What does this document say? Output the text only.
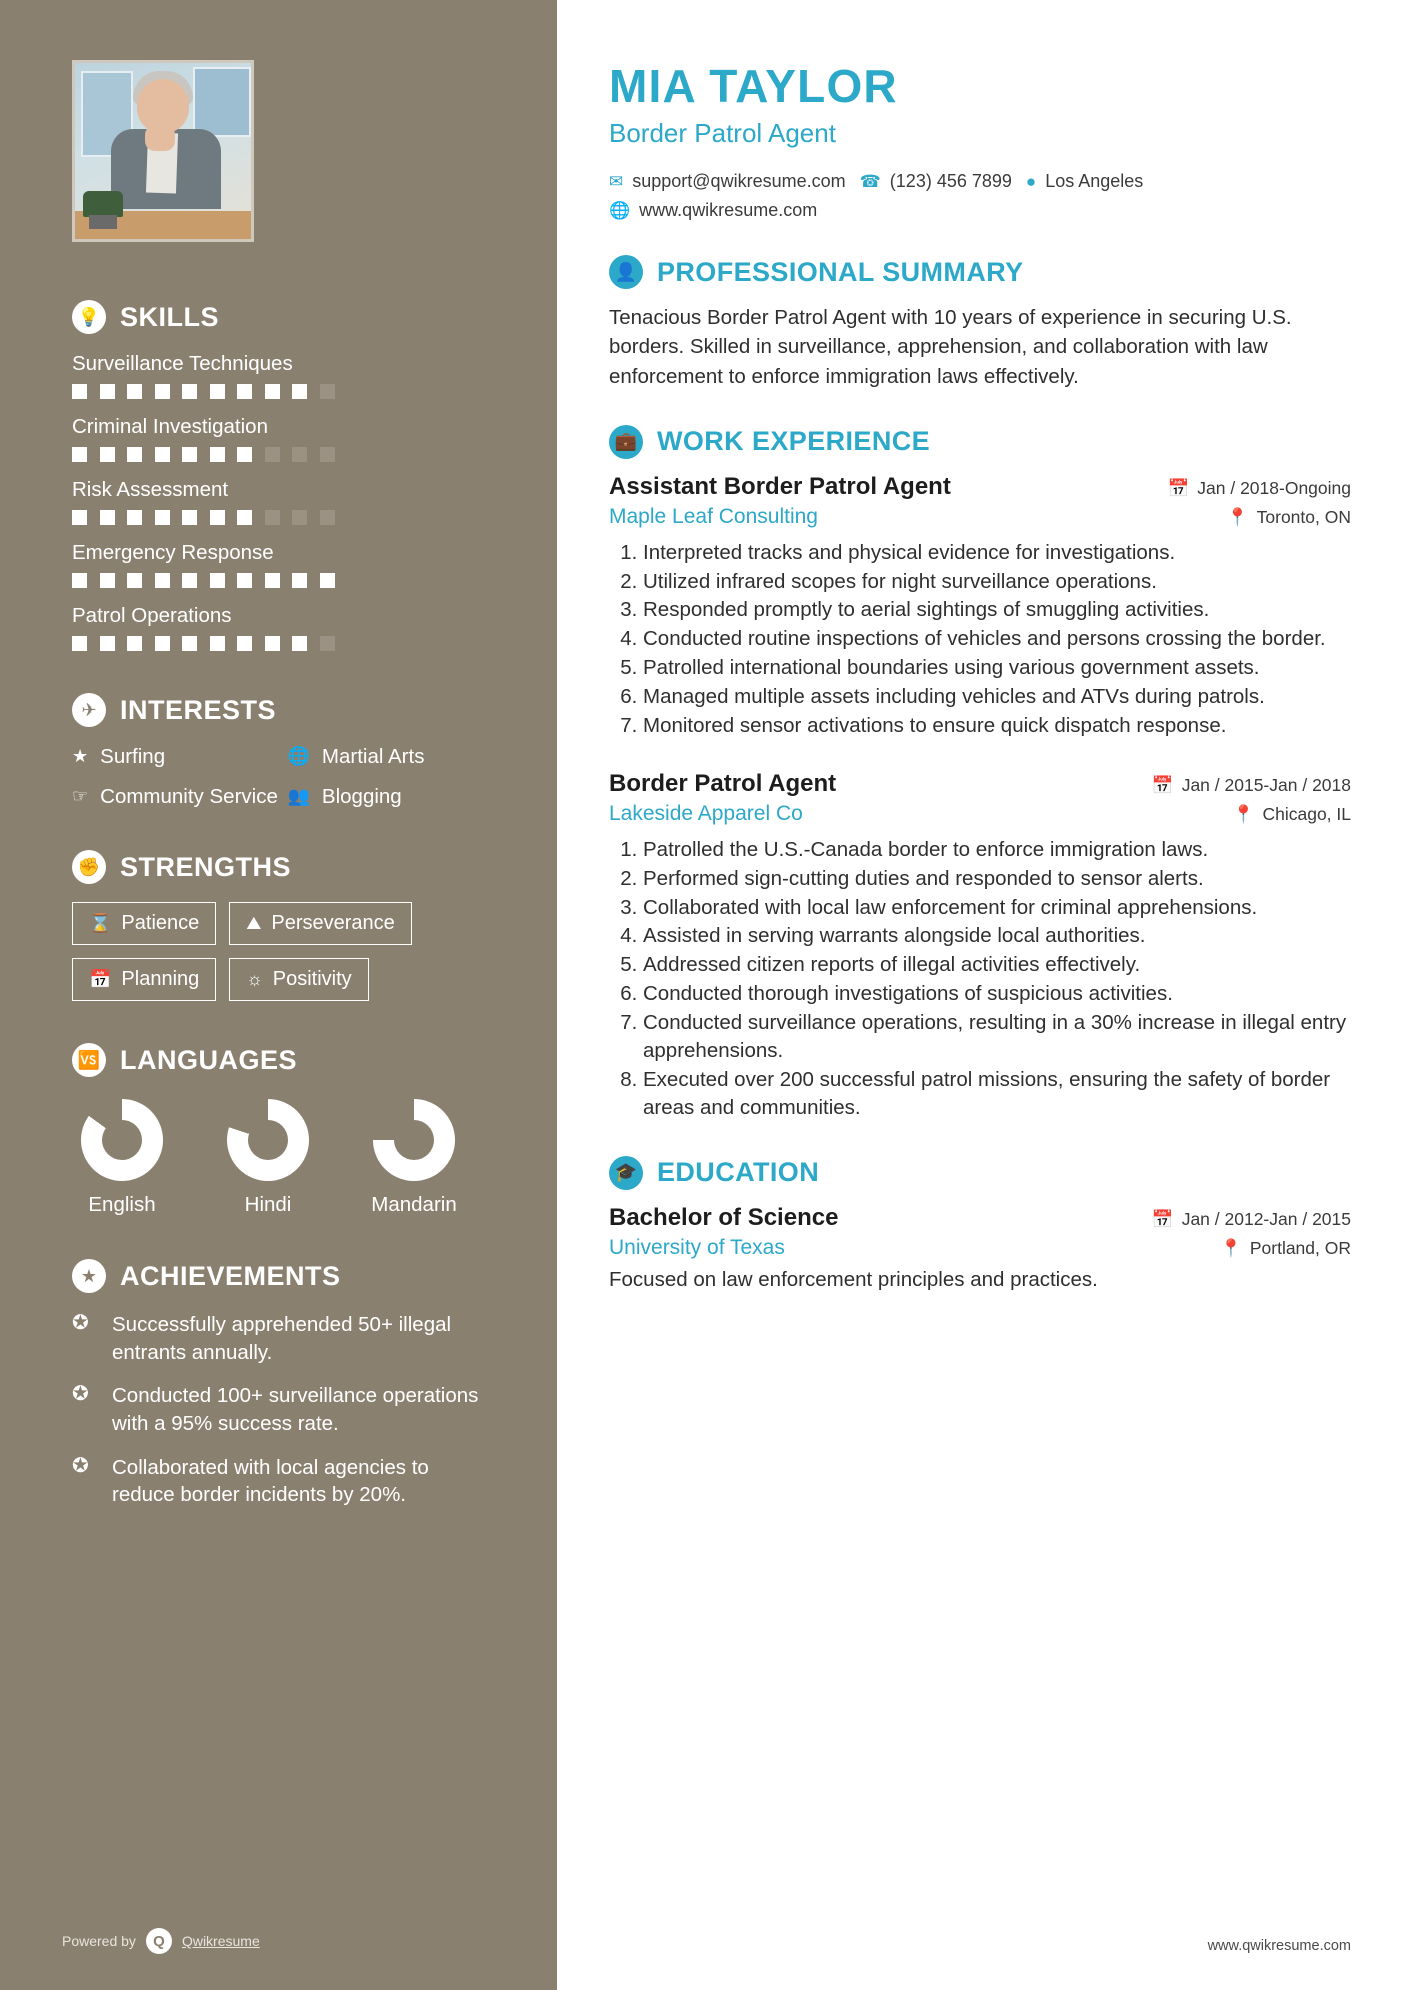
💡 SKILLS
Surveillance Techniques
Criminal Investigation
Risk Assessment
Emergency Response
Patrol Operations
✈ INTERESTS
★ Surfing	🌐 Martial Arts
☞ Community Service 👥 Blogging
✊ STRENGTHS
⌛ Patience	⛰ Perseverance
📅 Planning	☼ Positivity
🆚 LANGUAGES
English	Hindi	Mandarin
★ ACHIEVEMENTS
✪	Successfully apprehended 50+ illegal entrants annually.
✪	Conducted 100+ surveillance operations with a 95% success rate.
✪	Collaborated with local agencies to reduce border incidents by 20%.
Powered by	Q	Qwikresume
MIA TAYLOR
Border Patrol Agent
✉ support@qwikresume.com ☎ (123) 456 7899 ● Los Angeles
🌐 www.qwikresume.com
👤 PROFESSIONAL SUMMARY

Tenacious Border Patrol Agent with 10 years of experience in securing U.S. borders. Skilled in surveillance, apprehension, and collaboration with law enforcement to enforce immigration laws effectively.

💼 WORK EXPERIENCE
Assistant Border Patrol Agent	📅 Jan / 2018-Ongoing
Maple Leaf Consulting	📍 Toronto, ON
1. Interpreted tracks and physical evidence for investigations.
2. Utilized infrared scopes for night surveillance operations.
3. Responded promptly to aerial sightings of smuggling activities.
4. Conducted routine inspections of vehicles and persons crossing the border.
5. Patrolled international boundaries using various government assets.
6. Managed multiple assets including vehicles and ATVs during patrols.
7. Monitored sensor activations to ensure quick dispatch response.
Border Patrol Agent	📅 Jan / 2015-Jan / 2018
Lakeside Apparel Co	📍 Chicago, IL
1. Patrolled the U.S.-Canada border to enforce immigration laws.
2. Performed sign-cutting duties and responded to sensor alerts.
3. Collaborated with local law enforcement for criminal apprehensions.
4. Assisted in serving warrants alongside local authorities.
5. Addressed citizen reports of illegal activities effectively.
6. Conducted thorough investigations of suspicious activities.
7. Conducted surveillance operations, resulting in a 30% increase in illegal entry apprehensions.
8. Executed over 200 successful patrol missions, ensuring the safety of border areas and communities.
🎓 EDUCATION
Bachelor of Science	📅 Jan / 2012-Jan / 2015
University of Texas	📍 Portland, OR

Focused on law enforcement principles and practices.

www.qwikresume.com
